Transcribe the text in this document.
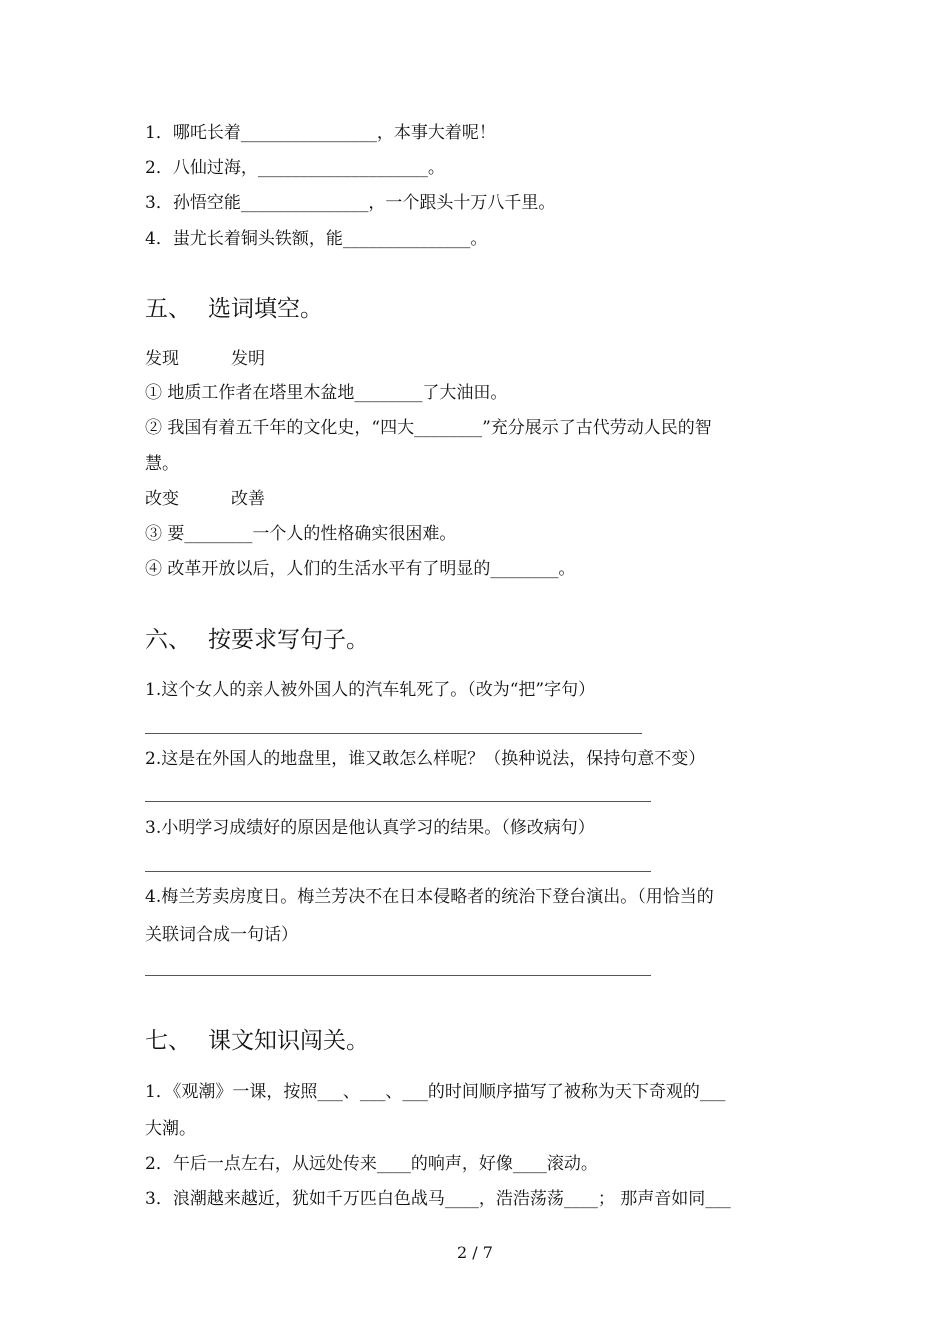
1．哪吒长着________________，本事大着呢！
2．八仙过海，____________________。
3．孙悟空能_______________，一个跟头十万八千里。
4．蚩尤长着铜头铁额，能_______________。
五、 选词填空。
发现	发明
① 地质工作者在塔里木盆地________了大油田。
② 我国有着五千年的文化史，“四大________”充分展示了古代劳动人民的智
慧。
改变	改善
③ 要________一个人的性格确实很困难。
④ 改革开放以后，人们的生活水平有了明显的________。
六、 按要求写句子。
1.这个女人的亲人被外国人的汽车轧死了。（改为“把”字句）
2.这是在外国人的地盘里，谁又敢怎么样呢？（换种说法，保持句意不变）
3.小明学习成绩好的原因是他认真学习的结果。（修改病句）
4.梅兰芳卖房度日。梅兰芳决不在日本侵略者的统治下登台演出。（用恰当的
关联词合成一句话）
七、 课文知识闯关。
1．《观潮》一课，按照___、___、___的时间顺序描写了被称为天下奇观的___
大潮。
2．午后一点左右，从远处传来____的响声，好像____滚动。
3．浪潮越来越近，犹如千万匹白色战马____，浩浩荡荡____； 那声音如同___
2 / 7
